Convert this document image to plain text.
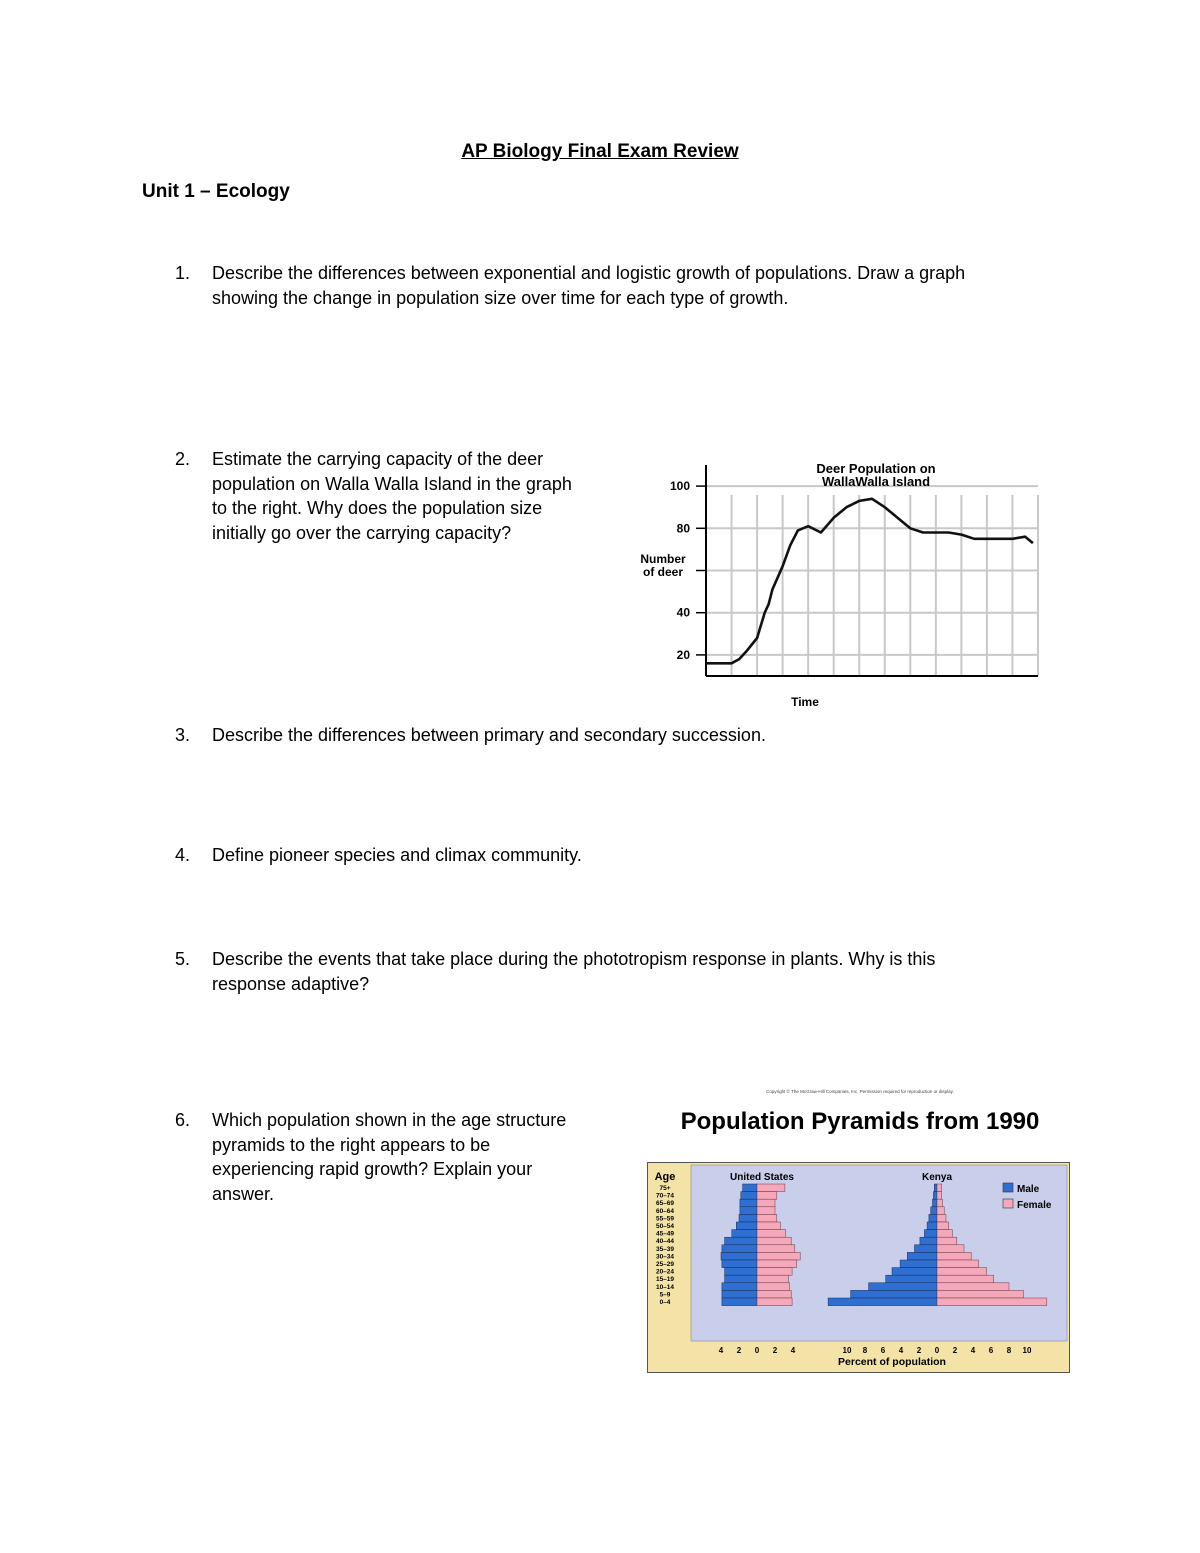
AP Biology Final Exam Review
Unit 1 – Ecology
1. Describe the differences between exponential and logistic growth of populations. Draw a graph
showing the change in population size over time for each type of growth.
2. Estimate the carrying capacity of the deer
population on Walla Walla Island in the graph
to the right. Why does the population size
initially go over the carrying capacity?
3. Describe the differences between primary and secondary succession.
4. Define pioneer species and climax community.
5. Describe the events that take place during the phototropism response in plants. Why is this
response adaptive?
6. Which population shown in the age structure
pyramids to the right appears to be
experiencing rapid growth? Explain your
answer.
20
40
80
100
Deer Population on
WallaWalla Island
Number
of deer
Time
Copyright © The McGraw-Hill Companies, Inc. Permission required for reproduction or display.
Population Pyramids from 1990
Age	United States	Kenya
Male
Female
75+
70–74
65–69
60–64
55–59
50–54
45–49
40–44
35–39
30–34
25–29
20–24
15–19
10–14
5–9
0–4
4 2 0 2 4	10 8 6 4 2 0 2 4 6 8 10
Percent of population
